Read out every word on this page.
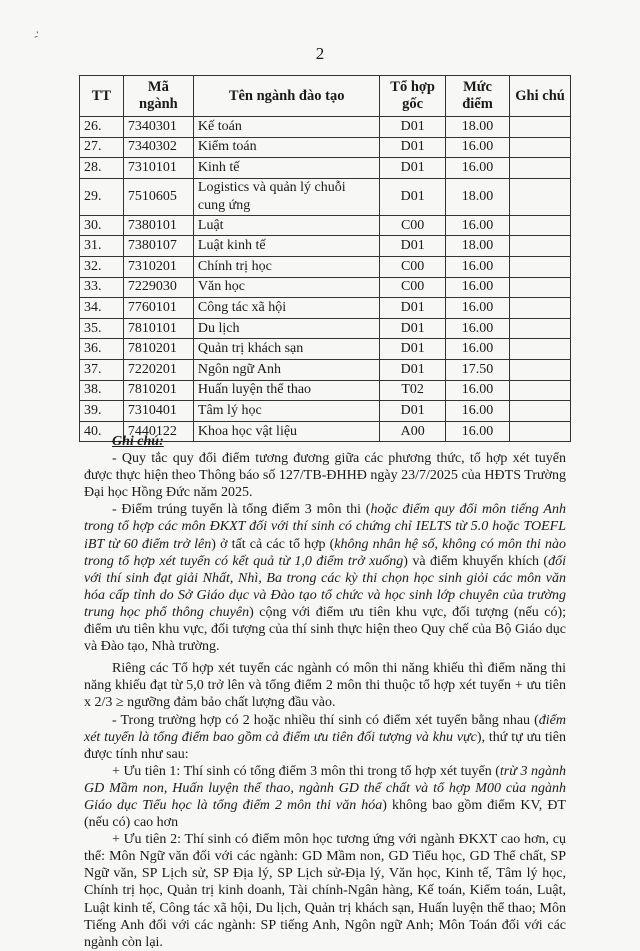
-'
2
TT	Mã ngành	Tên ngành đào tạo	Tổ hợp gốc	Mức điểm	Ghi chú
26.	7340301	Kế toán	D01	18.00	
27.	7340302	Kiểm toán	D01	16.00	
28.	7310101	Kinh tế	D01	16.00	
29.	7510605	Logistics và quản lý chuỗi cung ứng	D01	18.00	
30.	7380101	Luật	C00	16.00	
31.	7380107	Luật kinh tế	D01	18.00	
32.	7310201	Chính trị học	C00	16.00	
33.	7229030	Văn học	C00	16.00	
34.	7760101	Công tác xã hội	D01	16.00	
35.	7810101	Du lịch	D01	16.00	
36.	7810201	Quản trị khách sạn	D01	16.00	
37.	7220201	Ngôn ngữ Anh	D01	17.50	
38.	7810201	Huấn luyện thể thao	T02	16.00	
39.	7310401	Tâm lý học	D01	16.00	
40.	7440122	Khoa học vật liệu	A00	16.00	

Ghi chú:

- Quy tắc quy đổi điểm tương đương giữa các phương thức, tổ hợp xét tuyển được thực hiện theo Thông báo số 127/TB-ĐHHĐ ngày 23/7/2025 của HĐTS Trường Đại học Hồng Đức năm 2025.

- Điểm trúng tuyển là tổng điểm 3 môn thi (hoặc điểm quy đổi môn tiếng Anh trong tổ hợp các môn ĐKXT đối với thí sinh có chứng chỉ IELTS từ 5.0 hoặc TOEFL iBT từ 60 điểm trở lên) ở tất cả các tổ hợp (không nhân hệ số, không có môn thi nào trong tổ hợp xét tuyển có kết quả từ 1,0 điểm trở xuống) và điểm khuyến khích (đối với thí sinh đạt giải Nhất, Nhì, Ba trong các kỳ thi chọn học sinh giỏi các môn văn hóa cấp tỉnh do Sở Giáo dục và Đào tạo tổ chức và học sinh lớp chuyên của trường trung học phổ thông chuyên) cộng với điểm ưu tiên khu vực, đối tượng (nếu có); điểm ưu tiên khu vực, đối tượng của thí sinh thực hiện theo Quy chế của Bộ Giáo dục và Đào tạo, Nhà trường.

Riêng các Tổ hợp xét tuyển các ngành có môn thi năng khiếu thì điểm năng thi năng khiếu đạt từ 5,0 trở lên và tổng điểm 2 môn thi thuộc tổ hợp xét tuyển + ưu tiên x 2/3 ≥ ngưỡng đảm bảo chất lượng đầu vào.

- Trong trường hợp có 2 hoặc nhiều thí sinh có điểm xét tuyển bằng nhau (điểm xét tuyển là tổng điểm bao gồm cả điểm ưu tiên đối tượng và khu vực), thứ tự ưu tiên được tính như sau:

+ Ưu tiên 1: Thí sinh có tổng điểm 3 môn thi trong tổ hợp xét tuyển (trừ 3 ngành GD Mầm non, Huấn luyện thể thao, ngành GD thể chất và tổ hợp M00 của ngành Giáo dục Tiểu học là tổng điểm 2 môn thi văn hóa) không bao gồm điểm KV, ĐT (nếu có) cao hơn

+ Ưu tiên 2: Thí sinh có điểm môn học tương ứng với ngành ĐKXT cao hơn, cụ thể: Môn Ngữ văn đối với các ngành: GD Mầm non, GD Tiểu học, GD Thể chất, SP Ngữ văn, SP Lịch sử, SP Địa lý, SP Lịch sử-Địa lý, Văn học, Kinh tế, Tâm lý học, Chính trị học, Quản trị kinh doanh, Tài chính-Ngân hàng, Kế toán, Kiểm toán, Luật, Luật kinh tế, Công tác xã hội, Du lịch, Quản trị khách sạn, Huấn luyện thể thao; Môn Tiếng Anh đối với các ngành: SP tiếng Anh, Ngôn ngữ Anh; Môn Toán đối với các ngành còn lại.
